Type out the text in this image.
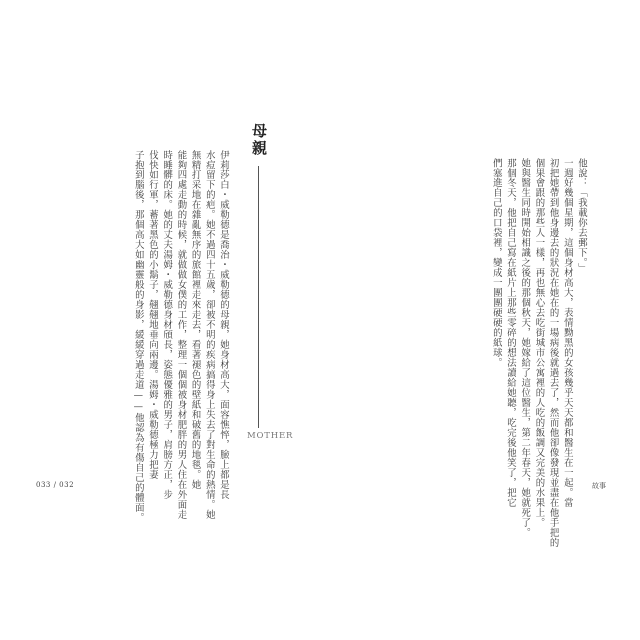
他說：「我載你去郵下。」
一週好幾個星期，這個身材高大，表情黝黑的女孩幾乎天天都和醫生在一起。當
初把她帶到他身邊去的狀況在她在的一場病後就過去了，然而他卻像發現並盡在他手把的
個果會跟的那些人一樣，再也無心去吃街城市公寓裡的人吃的飯調又完美的水果上。
她與醫生同時開始相識之後的那個秋天，她嫁給了這位醫生，第二年春天，她就死了。
那個冬天，他把自己寫在紙片上那些零碎的想法讀給她聽，吃完後他笑了，把它
們塞進自己的口袋裡，變成一團團硬硬的紙球。
母親
MOTHER
伊莉莎白・威勒德是喬治・威勒德的母親，她身材高大，面容憔悴，臉上都是長
水痘留下的疤。她不過四十五歲，卻被不明的疾病搞得身上失去了對生命的熱情。她
無精打采地在雜亂無序的旅館裡走來走去，看著褪色的壁紙和破舊的地毯。她
能夠四處走動的時候，就做做女僕的工作，整理一個個被身材肥胖的男人住在外面走
時睡髒的床。她的丈夫湯姆・威勒德身材頎長，姿態優雅的男子，肩膀方正，步
伐快如行軍，蓄著黑色的小鬍子，翹翹地垂向兩邊。湯姆・威勒德極力把妻
子抱到腦後，那個高大如幽靈般的身影，緩緩穿過走道——他認為有傷自己的體面。
033 / 032	故事
